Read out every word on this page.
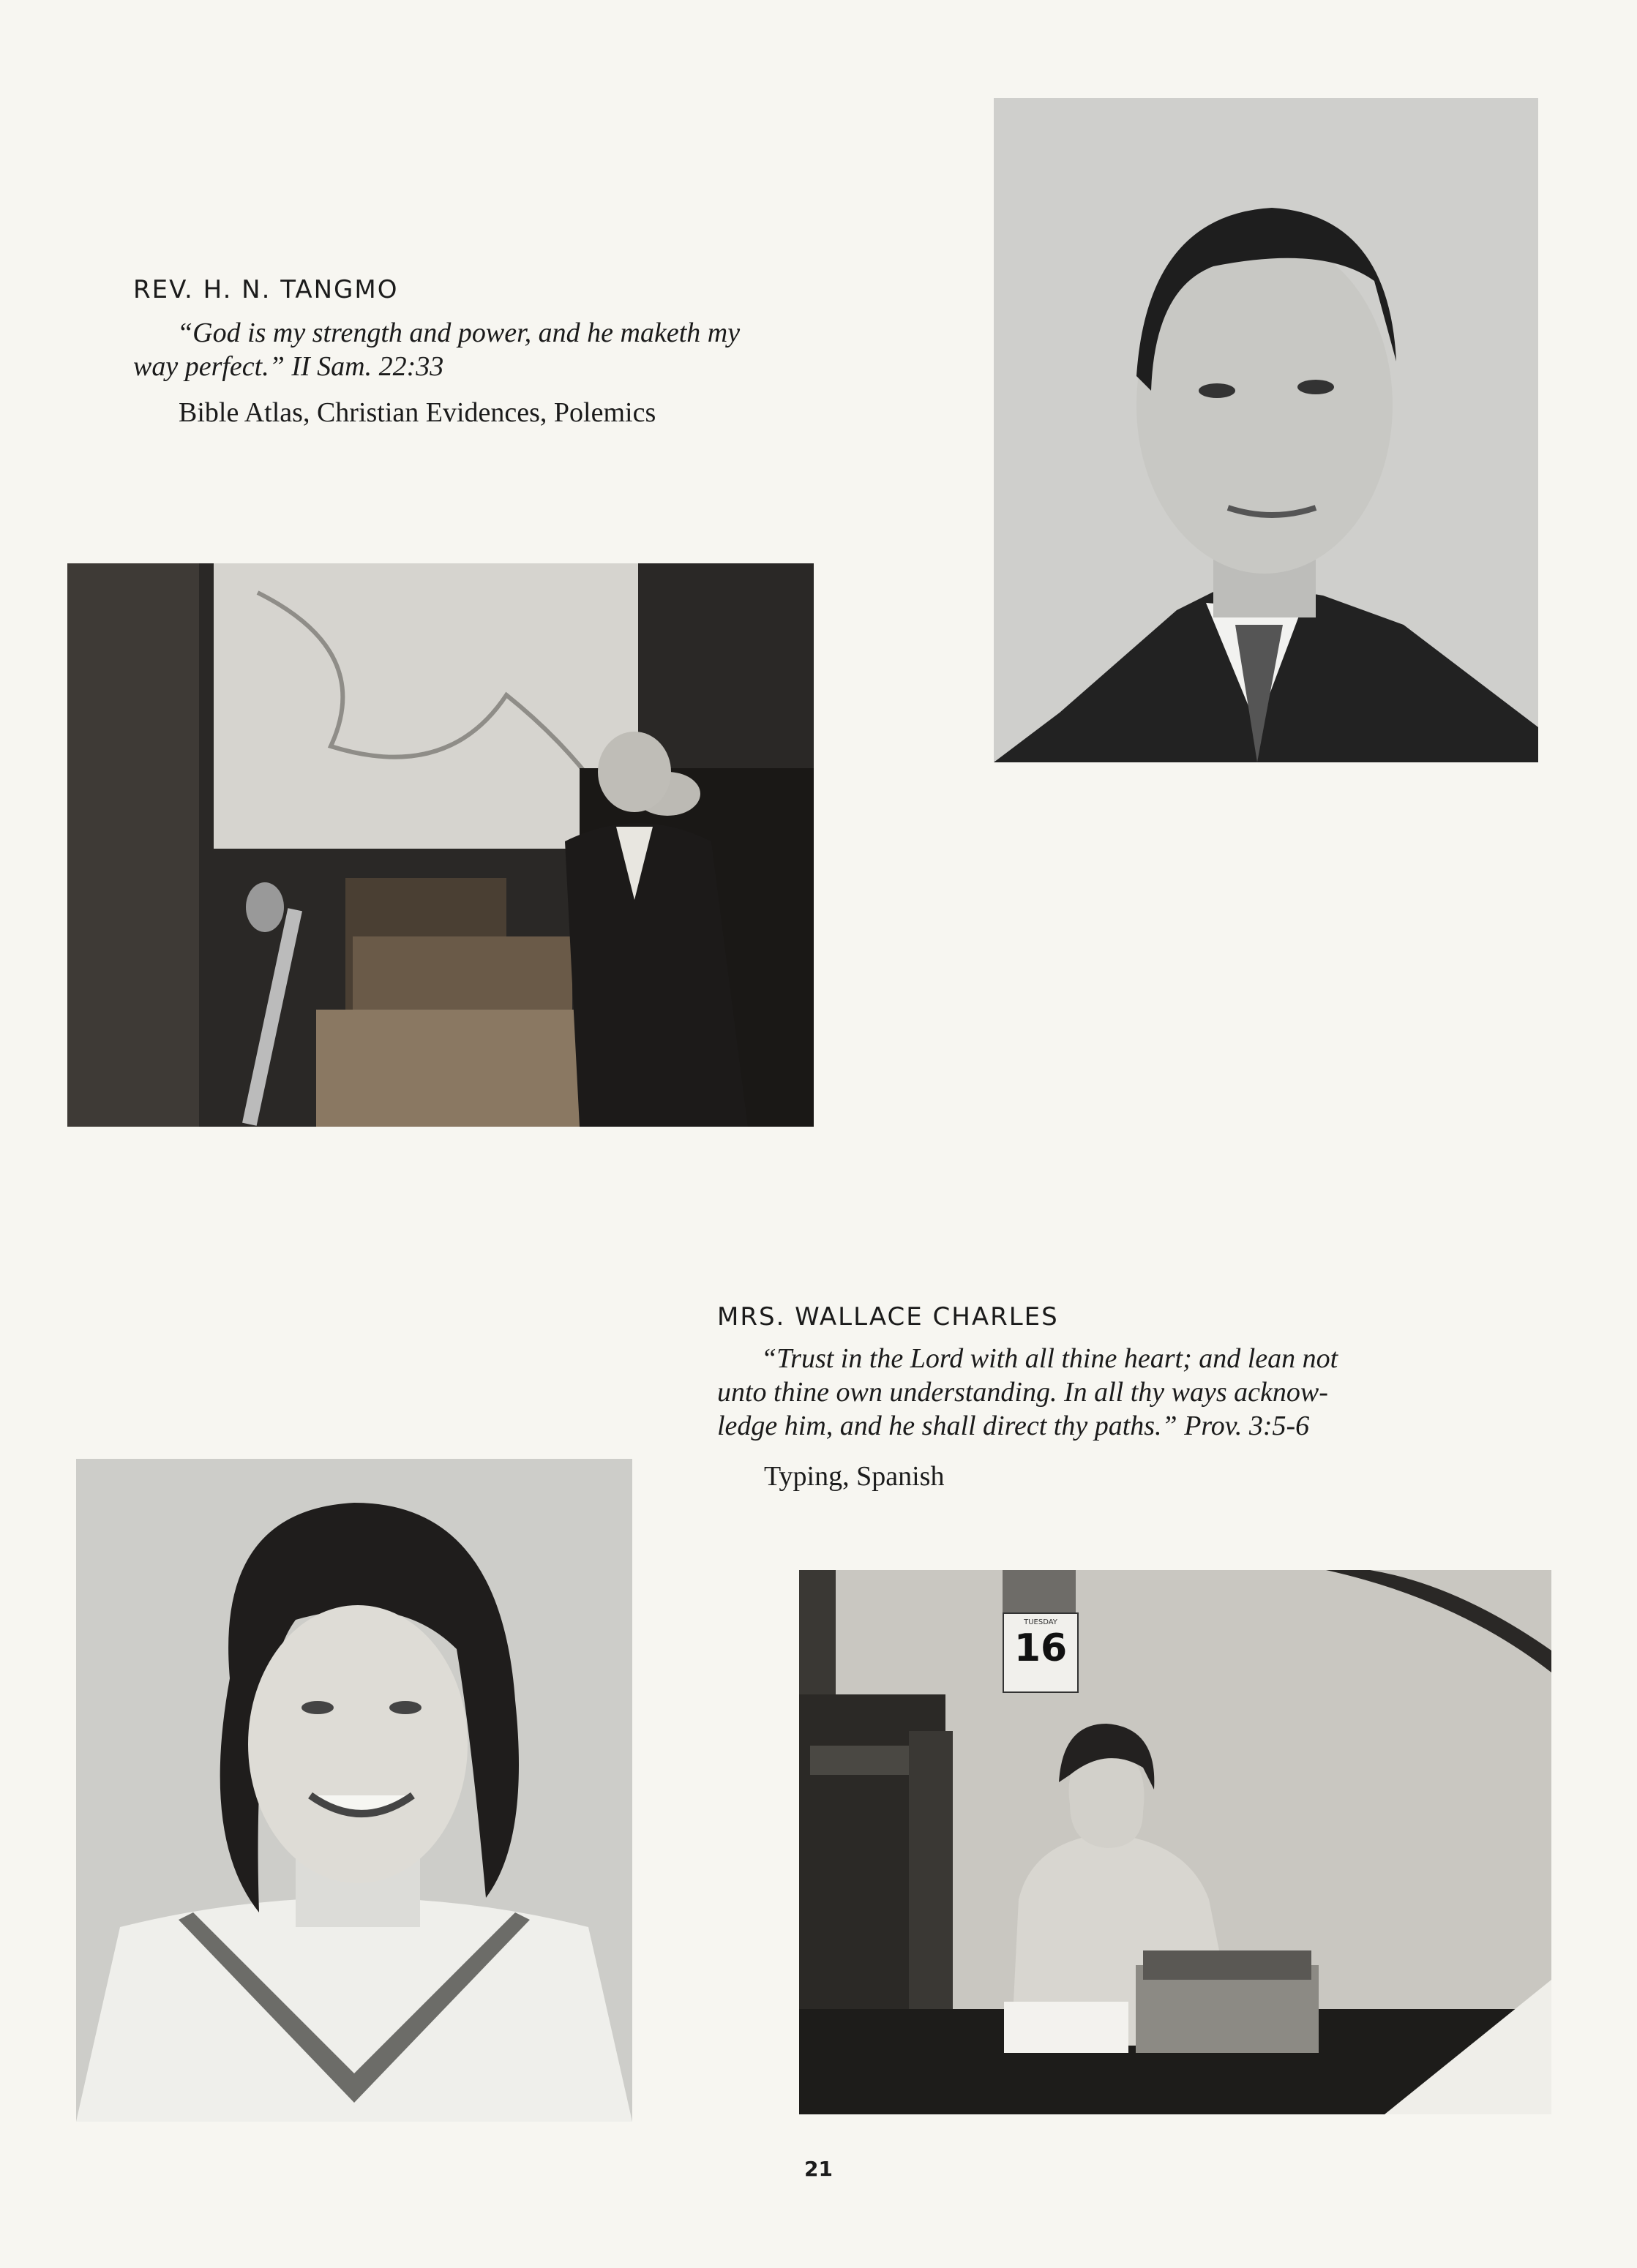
REV. H. N. TANGMO

“God is my strength and power, and he maketh my
way perfect.” II Sam. 22:33

Bible Atlas, Christian Evidences, Polemics

MRS. WALLACE CHARLES

“Trust in the Lord with all thine heart; and lean not
unto thine own understanding. In all thy ways acknow-
ledge him, and he shall direct thy paths.” Prov. 3:5-6

Typing, Spanish

TUESDAY
16
21
